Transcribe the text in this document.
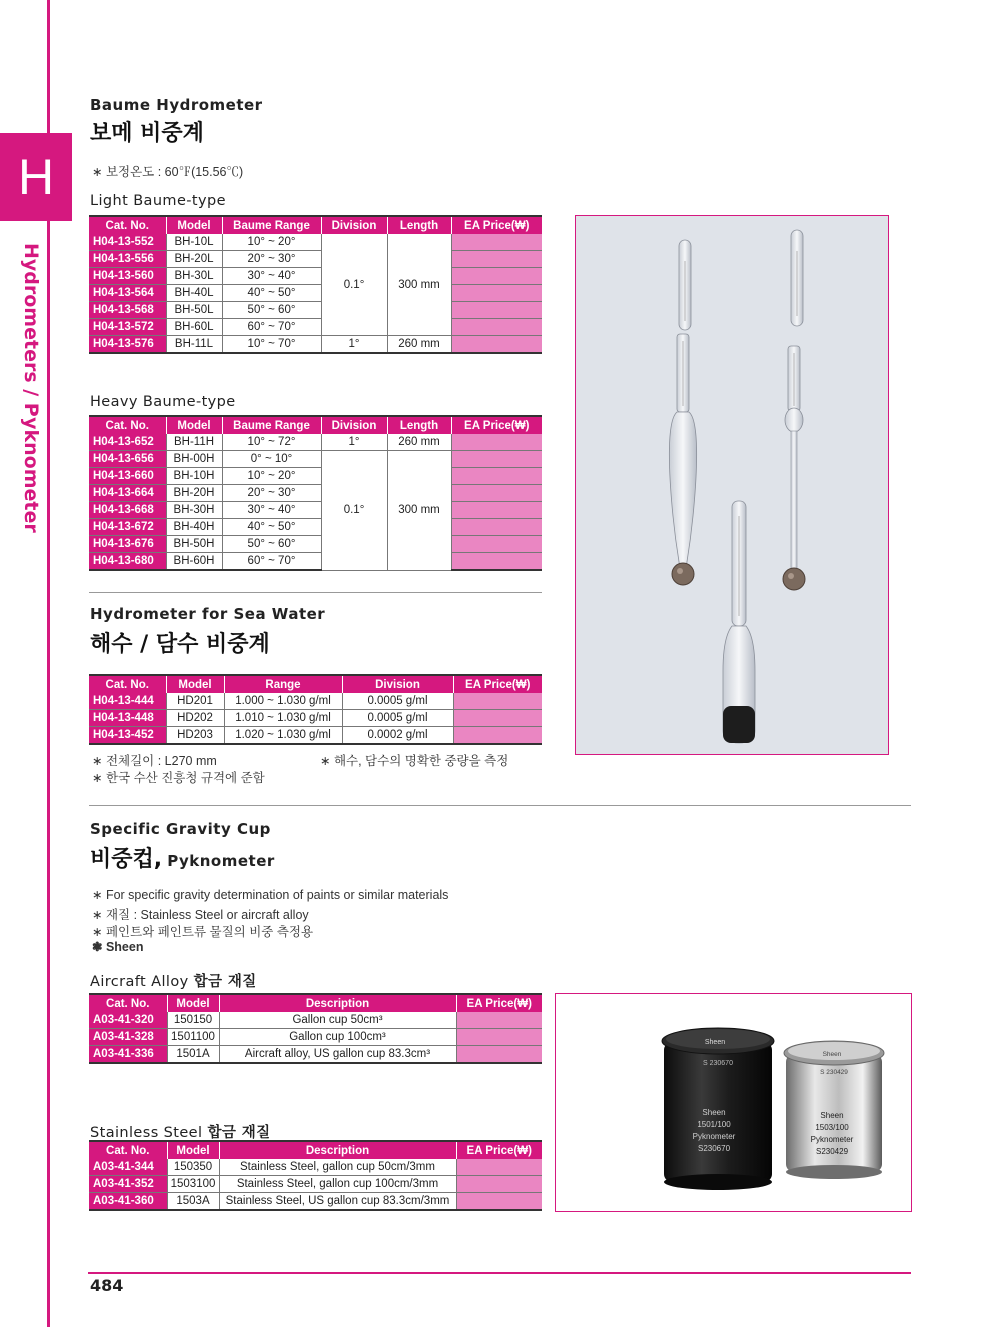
H
Hydrometers / Pyknometer
Baume Hydrometer
보메 비중계
∗ 보정온도 : 60℉(15.56℃)
Light Baume-type
Cat. No.	Model	Baume Range	Division	Length	EA Price(₩)
H04-13-552	BH-10L	10° ~ 20°	0.1°	300 mm	
H04-13-556	BH-20L	20° ~ 30°			
H04-13-560	BH-30L	30° ~ 40°			
H04-13-564	BH-40L	40° ~ 50°			
H04-13-568	BH-50L	50° ~ 60°			
H04-13-572	BH-60L	60° ~ 70°			
H04-13-576	BH-11L	10° ~ 70°	1°	260 mm	
Heavy Baume-type
Cat. No.	Model	Baume Range	Division	Length	EA Price(₩)
H04-13-652	BH-11H	10° ~ 72°	1°	260 mm	
H04-13-656	BH-00H	0° ~ 10°	0.1°	300 mm	
H04-13-660	BH-10H	10° ~ 20°			
H04-13-664	BH-20H	20° ~ 30°			
H04-13-668	BH-30H	30° ~ 40°			
H04-13-672	BH-40H	40° ~ 50°			
H04-13-676	BH-50H	50° ~ 60°			
H04-13-680	BH-60H	60° ~ 70°			
Hydrometer for Sea Water
해수 / 담수 비중계
Cat. No.	Model	Range	Division	EA Price(₩)
H04-13-444	HD201	1.000 ~ 1.030 g/ml	0.0005 g/ml	
H04-13-448	HD202	1.010 ~ 1.030 g/ml	0.0005 g/ml	
H04-13-452	HD203	1.020 ~ 1.030 g/ml	0.0002 g/ml	
∗ 전체길이 : L270 mm	∗ 해수, 담수의 명확한 중량을 측정
∗ 한국 수산 진흥청 규격에 준함
Specific Gravity Cup
비중컵, Pyknometer
∗ For specific gravity determination of paints or similar materials
∗ 재질 : Stainless Steel or aircraft alloy
∗ 페인트와 페인트류 물질의 비중 측정용
❃ Sheen
Aircraft Alloy 합금 재질
Cat. No.	Model	Description	EA Price(₩)
A03-41-320	150150	Gallon cup 50cm³	
A03-41-328	1501100	Gallon cup 100cm³	
A03-41-336	1501A	Aircraft alloy, US gallon cup 83.3cm³	
Stainless Steel 합금 재질
Cat. No.	Model	Description	EA Price(₩)
A03-41-344	150350	Stainless Steel, gallon cup 50cm/3mm	
A03-41-352	1503100	Stainless Steel, gallon cup 100cm/3mm	
A03-41-360	1503A	Stainless Steel, US gallon cup 83.3cm/3mm	
Sheen
S 230670
Sheen
1501/100
Pyknometer
S230670
Sheen
S 230429
Sheen
1503/100
Pyknometer
S230429
484
